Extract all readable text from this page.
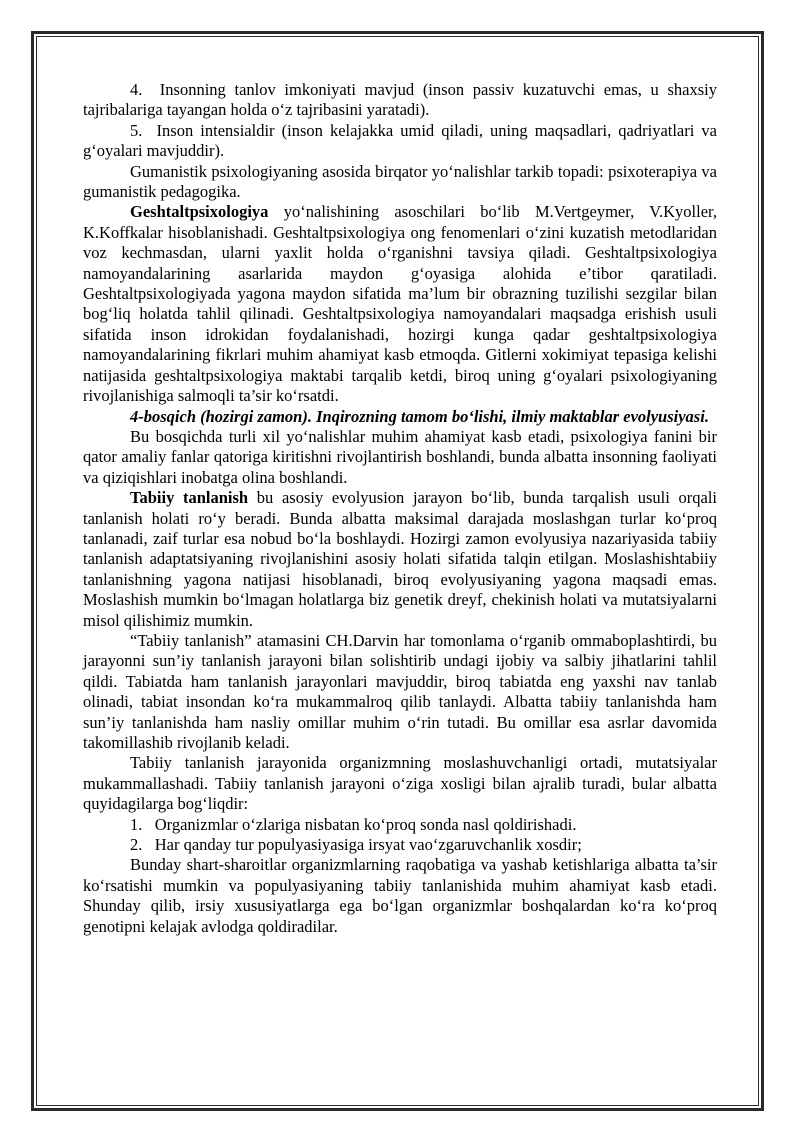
4.  Insonning tanlov imkoniyati mavjud (inson passiv kuzatuvchi emas, u shaxsiy tajribalariga tayangan holda o‘z tajribasini yaratadi).

5.  Inson intensialdir (inson kelajakka umid qiladi, uning maqsadlari, qadriyatlari va g‘oyalari mavjuddir).

Gumanistik psixologiyaning asosida birqator yo‘nalishlar tarkib topadi: psixoterapiya va gumanistik pedagogika.

Geshtaltpsixologiya yo‘nalishining asoschilari bo‘lib M.Vertgeymer, V.Kyoller, K.Koffkalar hisoblanishadi. Geshtaltpsixologiya ong fenomenlari o‘zini kuzatish metodlaridan voz kechmasdan, ularni yaxlit holda o‘rganishni tavsiya qiladi. Geshtaltpsixologiya namoyandalarining asarlarida maydon g‘oyasiga alohida e’tibor qaratiladi. Geshtaltpsixologiyada yagona maydon sifatida ma’lum bir obrazning tuzilishi sezgilar bilan bog‘liq holatda tahlil qilinadi. Geshtaltpsixologiya namoyandalari maqsadga erishish usuli sifatida inson idrokidan foydalanishadi, hozirgi kunga qadar geshtaltpsixologiya namoyandalarining fikrlari muhim ahamiyat kasb etmoqda. Gitlerni xokimiyat tepasiga kelishi natijasida geshtaltpsixologiya maktabi tarqalib ketdi, biroq uning g‘oyalari psixologiyaning rivojlanishiga salmoqli ta’sir ko‘rsatdi.

4-bosqich (hozirgi zamon). Inqirozning tamom bo‘lishi, ilmiy maktablar evolyusiyasi.

Bu bosqichda turli xil yo‘nalishlar muhim ahamiyat kasb etadi, psixologiya fanini bir qator amaliy fanlar qatoriga kiritishni rivojlantirish boshlandi, bunda albatta insonning faoliyati va qiziqishlari inobatga olina boshlandi.

Tabiiy tanlanish bu asosiy evolyusion jarayon bo‘lib, bunda tarqalish usuli orqali tanlanish holati ro‘y beradi. Bunda albatta maksimal darajada moslashgan turlar ko‘proq tanlanadi, zaif turlar esa nobud bo‘la boshlaydi. Hozirgi zamon evolyusiya nazariyasida tabiiy tanlanish adaptatsiyaning rivojlanishini asosiy holati sifatida talqin etilgan. Moslashishtabiiy tanlanishning yagona natijasi hisoblanadi, biroq evolyusiyaning yagona maqsadi emas. Moslashish mumkin bo‘lmagan holatlarga biz genetik dreyf, chekinish holati va mutatsiyalarni misol qilishimiz mumkin.

“Tabiiy tanlanish” atamasini CH.Darvin har tomonlama o‘rganib ommaboplashtirdi, bu jarayonni sun’iy tanlanish jarayoni bilan solishtirib undagi ijobiy va salbiy jihatlarini tahlil qildi. Tabiatda ham tanlanish jarayonlari mavjuddir, biroq tabiatda eng yaxshi nav tanlab olinadi, tabiat insondan ko‘ra mukammalroq qilib tanlaydi. Albatta tabiiy tanlanishda ham sun’iy tanlanishda ham nasliy omillar muhim o‘rin tutadi. Bu omillar esa asrlar davomida takomillashib rivojlanib keladi.

Tabiiy tanlanish jarayonida organizmning moslashuvchanligi ortadi, mutatsiyalar mukammallashadi. Tabiiy tanlanish jarayoni o‘ziga xosligi bilan ajralib turadi, bular albatta quyidagilarga bog‘liqdir:

1.   Organizmlar o‘zlariga nisbatan ko‘proq sonda nasl qoldirishadi.

2.   Har qanday tur populyasiyasiga irsyat vao‘zgaruvchanlik xosdir;

Bunday shart-sharoitlar organizmlarning raqobatiga va yashab ketishlariga albatta ta’sir ko‘rsatishi mumkin va populyasiyaning tabiiy tanlanishida muhim ahamiyat kasb etadi. Shunday qilib, irsiy xususiyatlarga ega bo‘lgan organizmlar boshqalardan ko‘ra ko‘proq genotipni kelajak avlodga qoldiradilar.
